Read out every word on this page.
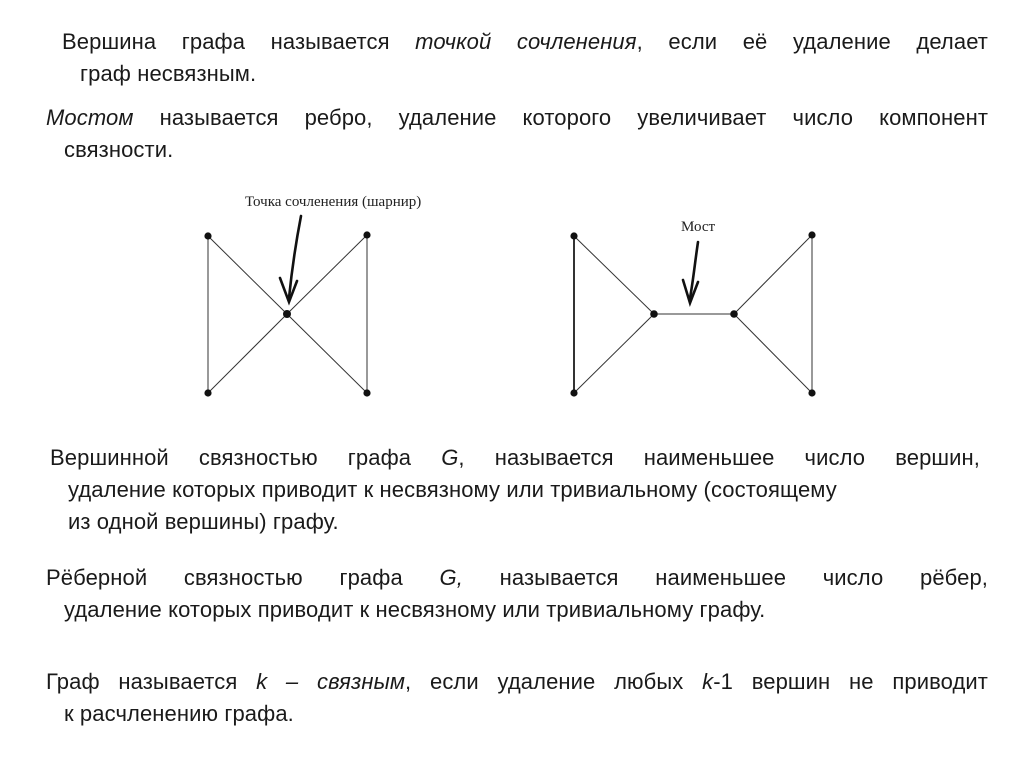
Вершина графа называется точкой сочленения, если её удаление делает
граф несвязным.
Мостом называется ребро, удаление которого увеличивает число компонент
связности.
Точка сочленения (шарнир)
Мост
Вершинной связностью графа G, называется наименьшее число вершин,
удаление которых приводит к несвязному или тривиальному (состоящему
из одной вершины) графу.
Рёберной связностью графа G, называется наименьшее число рёбер,
удаление которых приводит к несвязному или тривиальному графу.
Граф называется k – связным, если удаление любых k-1 вершин не приводит
к расчленению графа.
